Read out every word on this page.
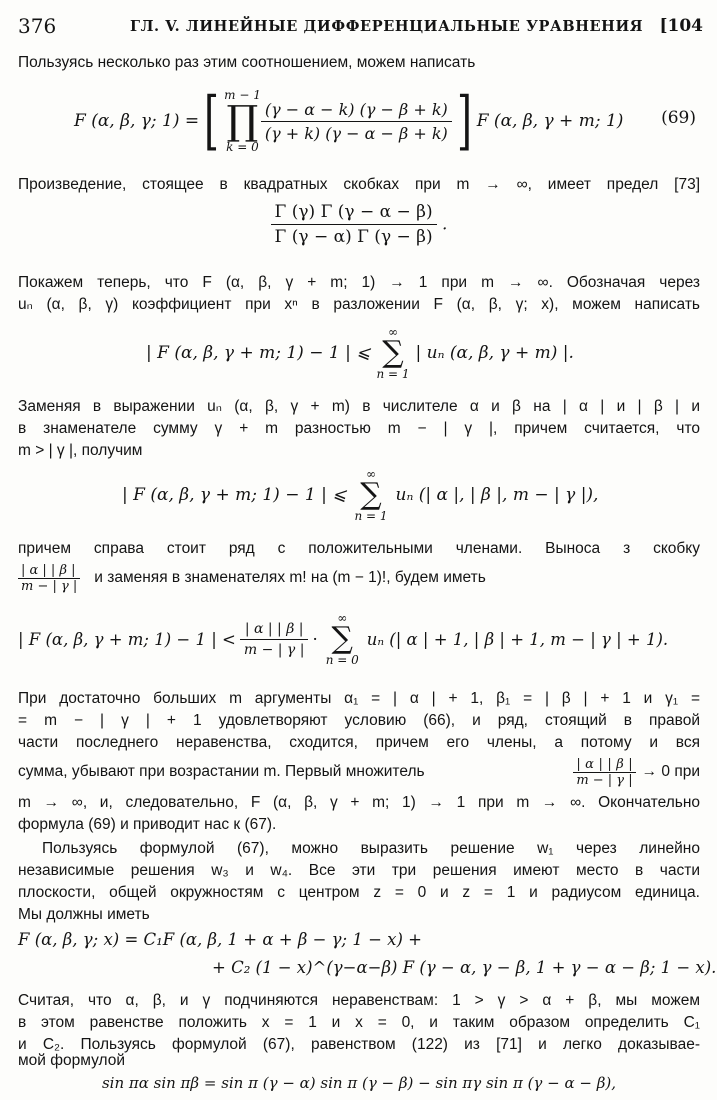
376	ГЛ. V. ЛИНЕЙНЫЕ ДИФФЕРЕНЦИАЛЬНЫЕ УРАВНЕНИЯ [104

Пользуясь несколько раз этим соотношением, можем написать

F (α, β, γ; 1) = [ m − 1
∏
k = 0
$\frac{(\gamma - \alpha - k) (\gamma - \beta + k)}{(\gamma + k) (\gamma - \alpha - \beta + k)}$ ] F (α, β, γ + m; 1) (69)

Произведение, стоящее в квадратных скобках при m → ∞, имеет предел [73]

$\frac{\Gamma (\gamma) \Gamma (\gamma - \alpha - \beta)}{\Gamma (\gamma - \alpha) \Gamma (\gamma - \beta)}$ .

Покажем теперь, что F (α, β, γ + m; 1) → 1 при m → ∞. Обозначая через

uₙ (α, β, γ) коэффициент при xⁿ в разложении F (α, β, γ; x), можем написать

| F (α, β, γ + m; 1) − 1 | ⩽
∞
∑
n = 1
| uₙ (α, β, γ + m) |.

Заменяя в выражении uₙ (α, β, γ + m) в числителе α и β на | α | и | β | и

в знаменателе сумму γ + m разностью m − | γ |, причем считается, что

m > | γ |, получим

| F (α, β, γ + m; 1) − 1 | ⩽
∞
∑
n = 1
uₙ (| α |, | β |, m − | γ |),

причем справа стоит ряд с положительными членами. Выноса з скобку

$\frac{| \alpha | | \beta |}{m - | \gamma |}$ и заменяя в знаменателях m! на (m − 1)!, будем иметь
| F (α, β, γ + m; 1) − 1 | < $\frac{| \alpha | | \beta |}{m - | \gamma |}$ ·
∞
∑
n = 0
uₙ (| α | + 1, | β | + 1, m − | γ | + 1).

При достаточно больших m аргументы α₁ = | α | + 1, β₁ = | β | + 1 и γ₁ =

= m − | γ | + 1 удовлетворяют условию (66), и ряд, стоящий в правой

части последнего неравенства, сходится, причем его члены, а потому и вся

сумма, убывают при возрастании m. Первый множитель	$\frac{| \alpha | | \beta |}{m - | \gamma |} \to 0$ при

m → ∞, и, следовательно, F (α, β, γ + m; 1) → 1 при m → ∞. Окончательно

формула (69) и приводит нас к (67).

Пользуясь формулой (67), можно выразить решение w₁ через линейно

независимые решения w₃ и w₄. Все эти три решения имеют место в части

плоскости, общей окружностям с центром z = 0 и z = 1 и радиусом единица.

Мы должны иметь

F (α, β, γ; x) = C₁F (α, β, 1 + α + β − γ; 1 − x) +
+ C₂ (1 − x)^(γ−α−β) F (γ − α, γ − β, 1 + γ − α − β; 1 − x).

Считая, что α, β, и γ подчиняются неравенствам: 1 > γ > α + β, мы можем

в этом равенстве положить x = 1 и x = 0, и таким образом определить C₁

и C₂. Пользуясь формулой (67), равенством (122) из [71] и легко доказывае-

мой формулой

sin πα sin πβ = sin π (γ − α) sin π (γ − β) − sin πγ sin π (γ − α − β),
